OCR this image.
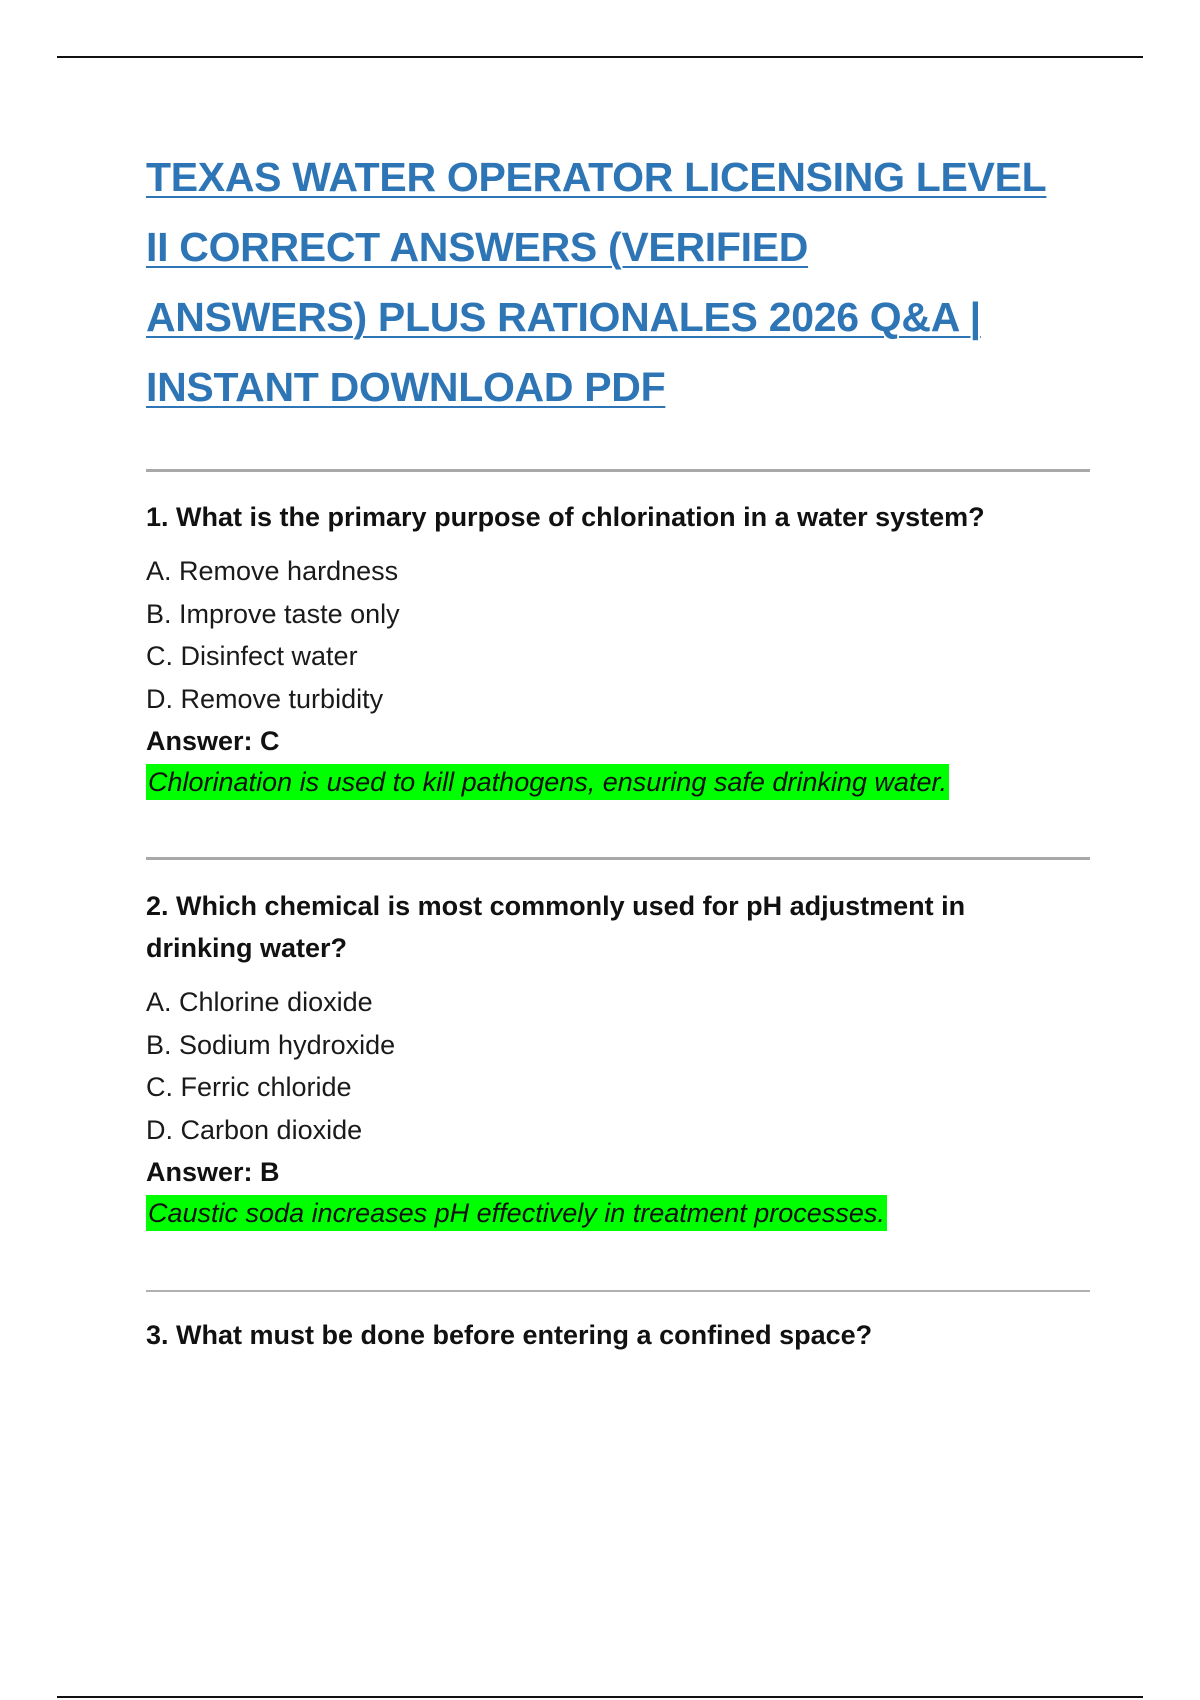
TEXAS WATER OPERATOR LICENSING LEVEL
II CORRECT ANSWERS (VERIFIED
ANSWERS) PLUS RATIONALES 2026 Q&A |
INSTANT DOWNLOAD PDF

1. What is the primary purpose of chlorination in a water system?

A. Remove hardness
B. Improve taste only
C. Disinfect water
D. Remove turbidity
Answer: C
Chlorination is used to kill pathogens, ensuring safe drinking water.

2. Which chemical is most commonly used for pH adjustment in
drinking water?

A. Chlorine dioxide
B. Sodium hydroxide
C. Ferric chloride
D. Carbon dioxide
Answer: B
Caustic soda increases pH effectively in treatment processes.

3. What must be done before entering a confined space?
